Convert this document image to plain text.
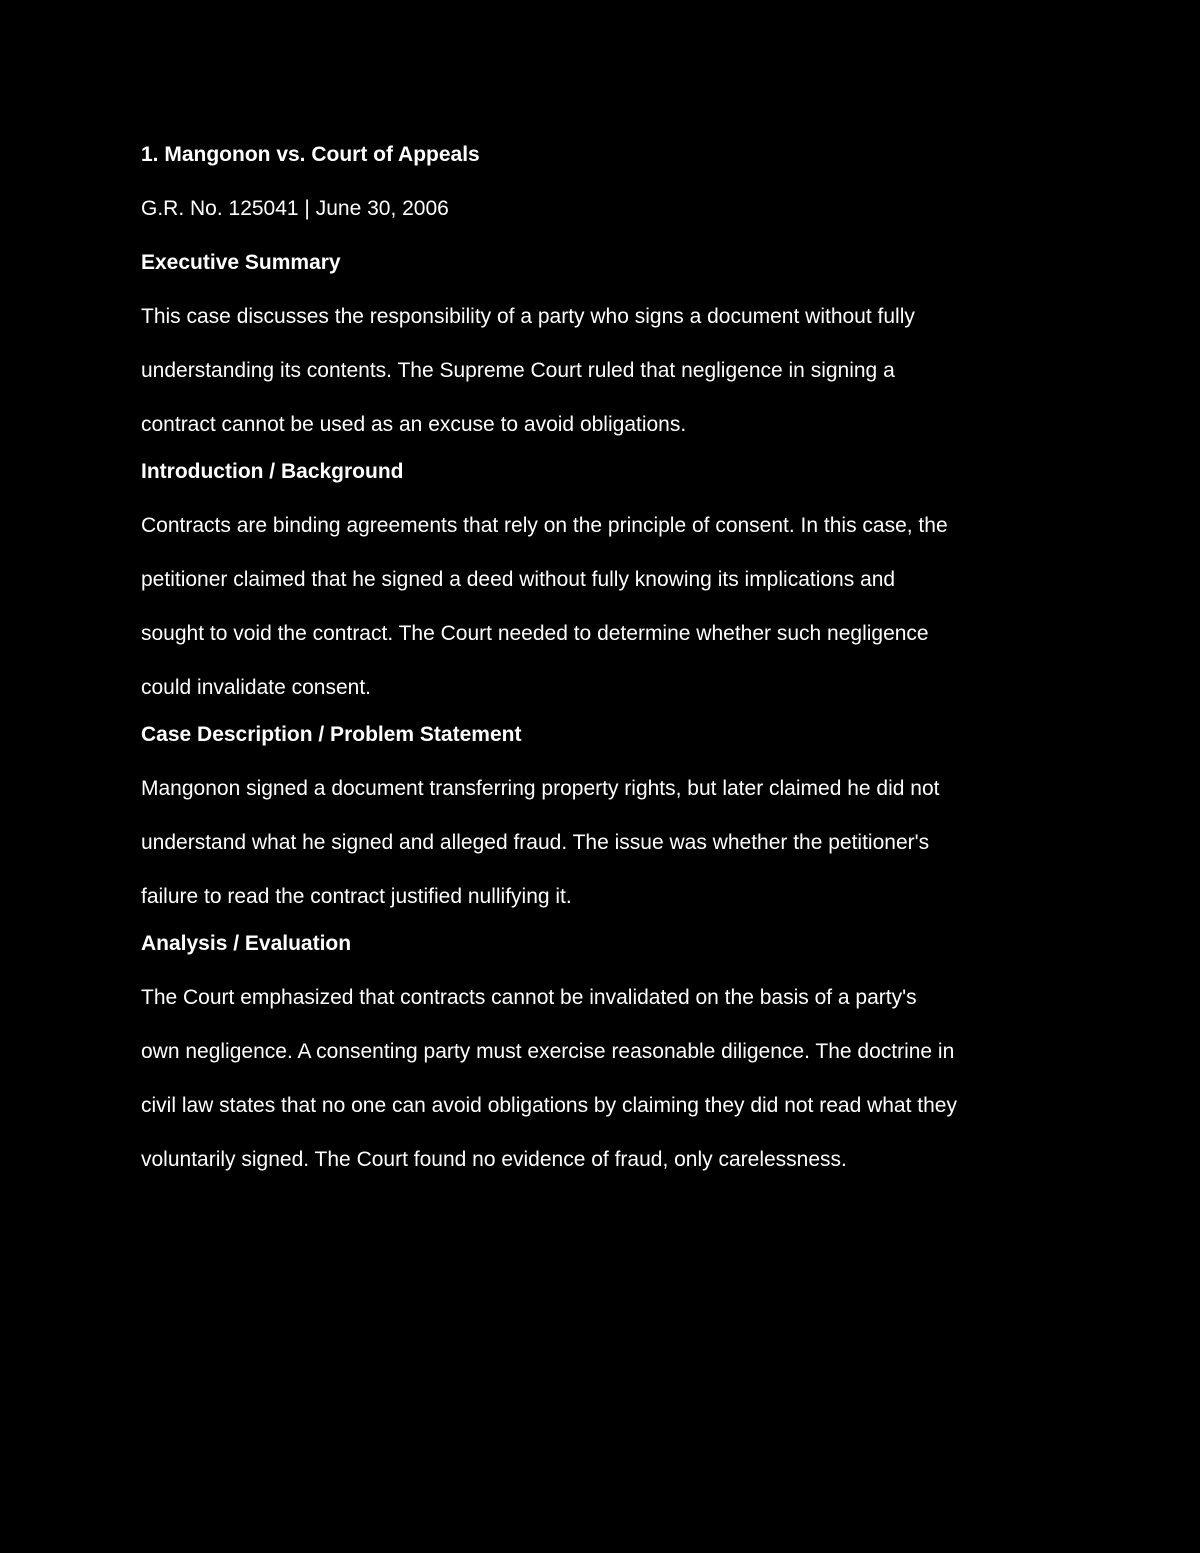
1. Mangonon vs. Court of Appeals
G.R. No. 125041 | June 30, 2006
Executive Summary
This case discusses the responsibility of a party who signs a document without fully
understanding its contents. The Supreme Court ruled that negligence in signing a
contract cannot be used as an excuse to avoid obligations.
Introduction / Background
Contracts are binding agreements that rely on the principle of consent. In this case, the
petitioner claimed that he signed a deed without fully knowing its implications and
sought to void the contract. The Court needed to determine whether such negligence
could invalidate consent.
Case Description / Problem Statement
Mangonon signed a document transferring property rights, but later claimed he did not
understand what he signed and alleged fraud. The issue was whether the petitioner's
failure to read the contract justified nullifying it.
Analysis / Evaluation
The Court emphasized that contracts cannot be invalidated on the basis of a party's
own negligence. A consenting party must exercise reasonable diligence. The doctrine in
civil law states that no one can avoid obligations by claiming they did not read what they
voluntarily signed. The Court found no evidence of fraud, only carelessness.
